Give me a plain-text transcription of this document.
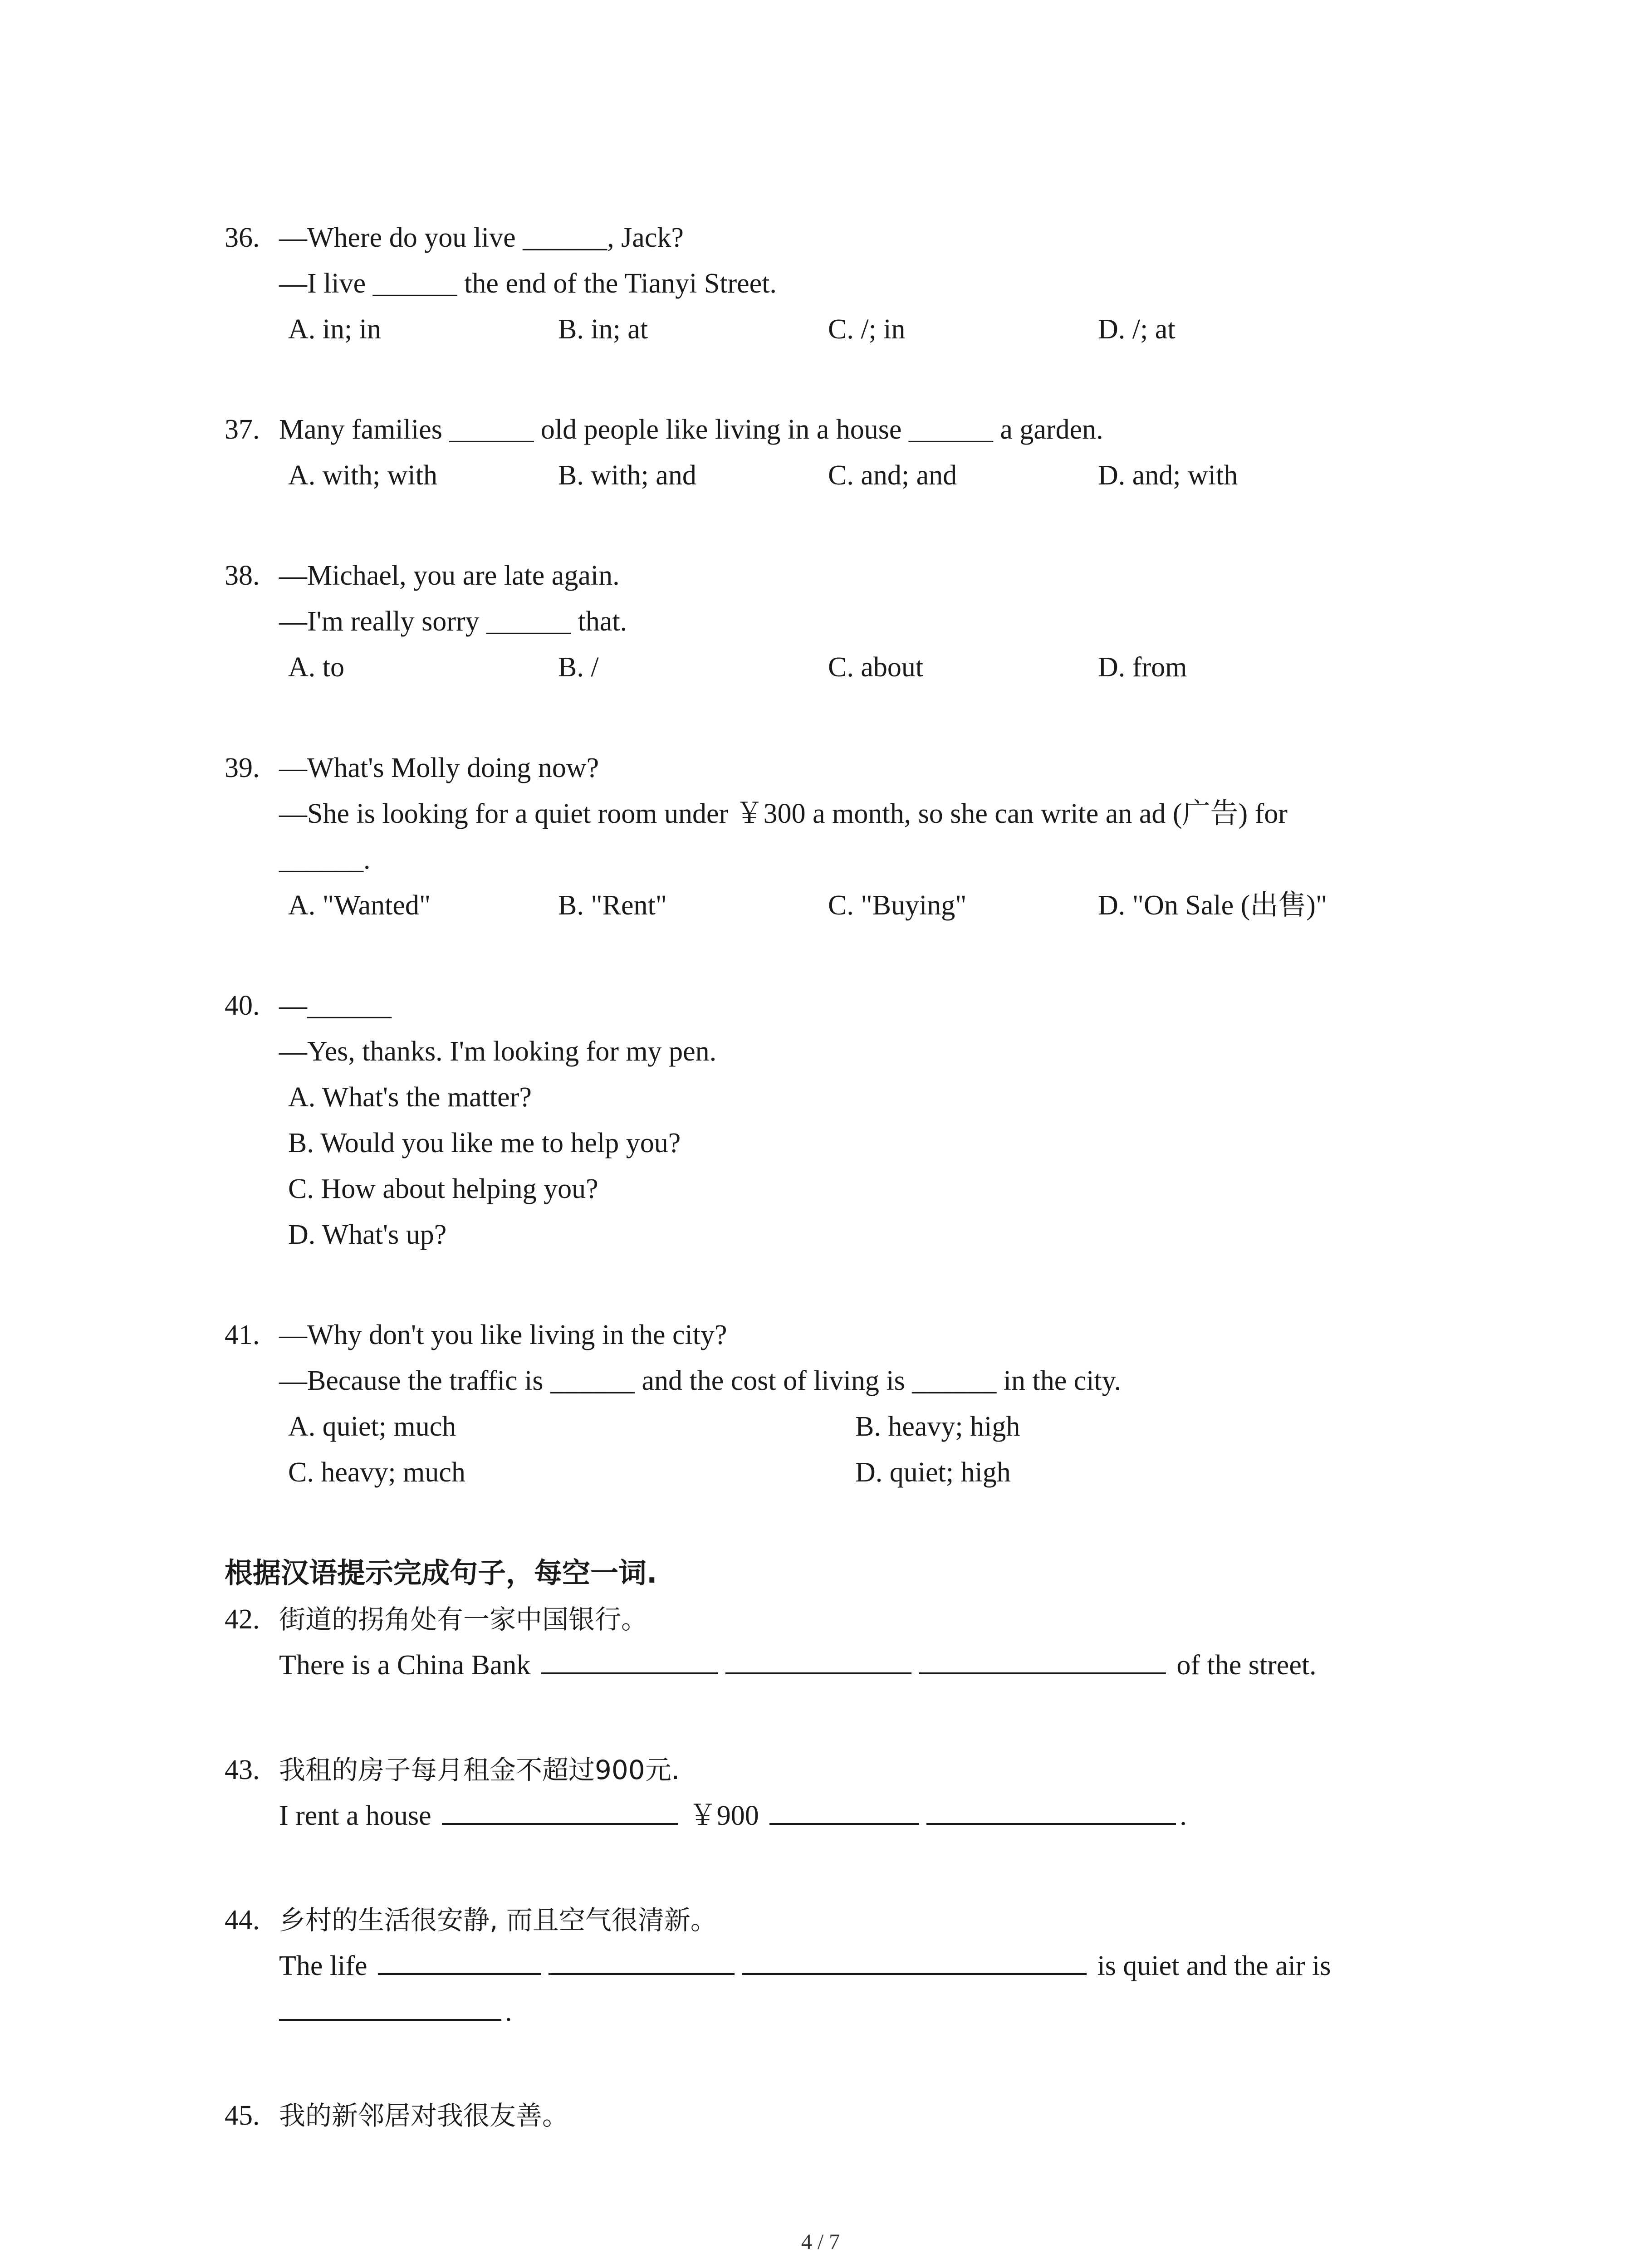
36. —Where do you live ______, Jack?
—I live ______ the end of the Tianyi Street.
A. in; in	B. in; at	C. /; in	D. /; at
37. Many families ______ old people like living in a house ______ a garden.
A. with; with	B. with; and	C. and; and	D. and; with
38. —Michael, you are late again.
—I'm really sorry ______ that.
A. to	B. /	C. about	D. from
39. —What's Molly doing now?
—She is looking for a quiet room under ￥300 a month, so she can write an ad (广告) for
______.
A. "Wanted"	B. "Rent"	C. "Buying"	D. "On Sale (出售)"
40. —______
—Yes, thanks. I'm looking for my pen.
A. What's the matter?
B. Would you like me to help you?
C. How about helping you?
D. What's up?
41. —Why don't you like living in the city?
—Because the traffic is ______ and the cost of living is ______ in the city.
A. quiet; much	B. heavy; high
C. heavy; much	D. quiet; high
根据汉语提示完成句子，每空一词.
42. 街道的拐角处有一家中国银行。
There is a China Bank	of the street.
43. 我租的房子每月租金不超过900元.
I rent a house	￥900	.
44. 乡村的生活很安静, 而且空气很清新。
The life	is quiet and the air is
.
45. 我的新邻居对我很友善。
4 / 7
